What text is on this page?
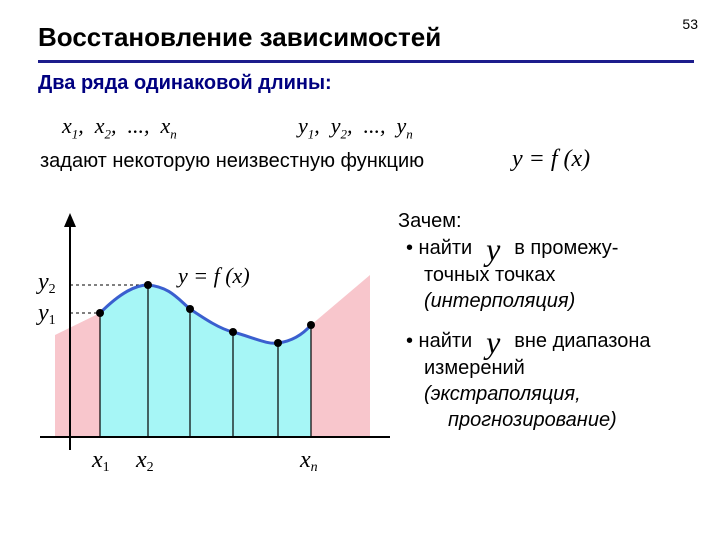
Восстановление зависимостей	53
Два ряда одинаковой длины:
$x_1$,  $x_2$,  ...,  $x_n$	$y_1$,  $y_2$,  ...,  $y_n$
задают некоторую неизвестную функцию	y = f (x)
y = f (x)
y2
y1
x1 x2	xn
Зачем:
• найти y в промежу-
точных точках
(интерполяция)
• найти y вне диапазона
измерений
(экстраполяция,
прогнозирование)
